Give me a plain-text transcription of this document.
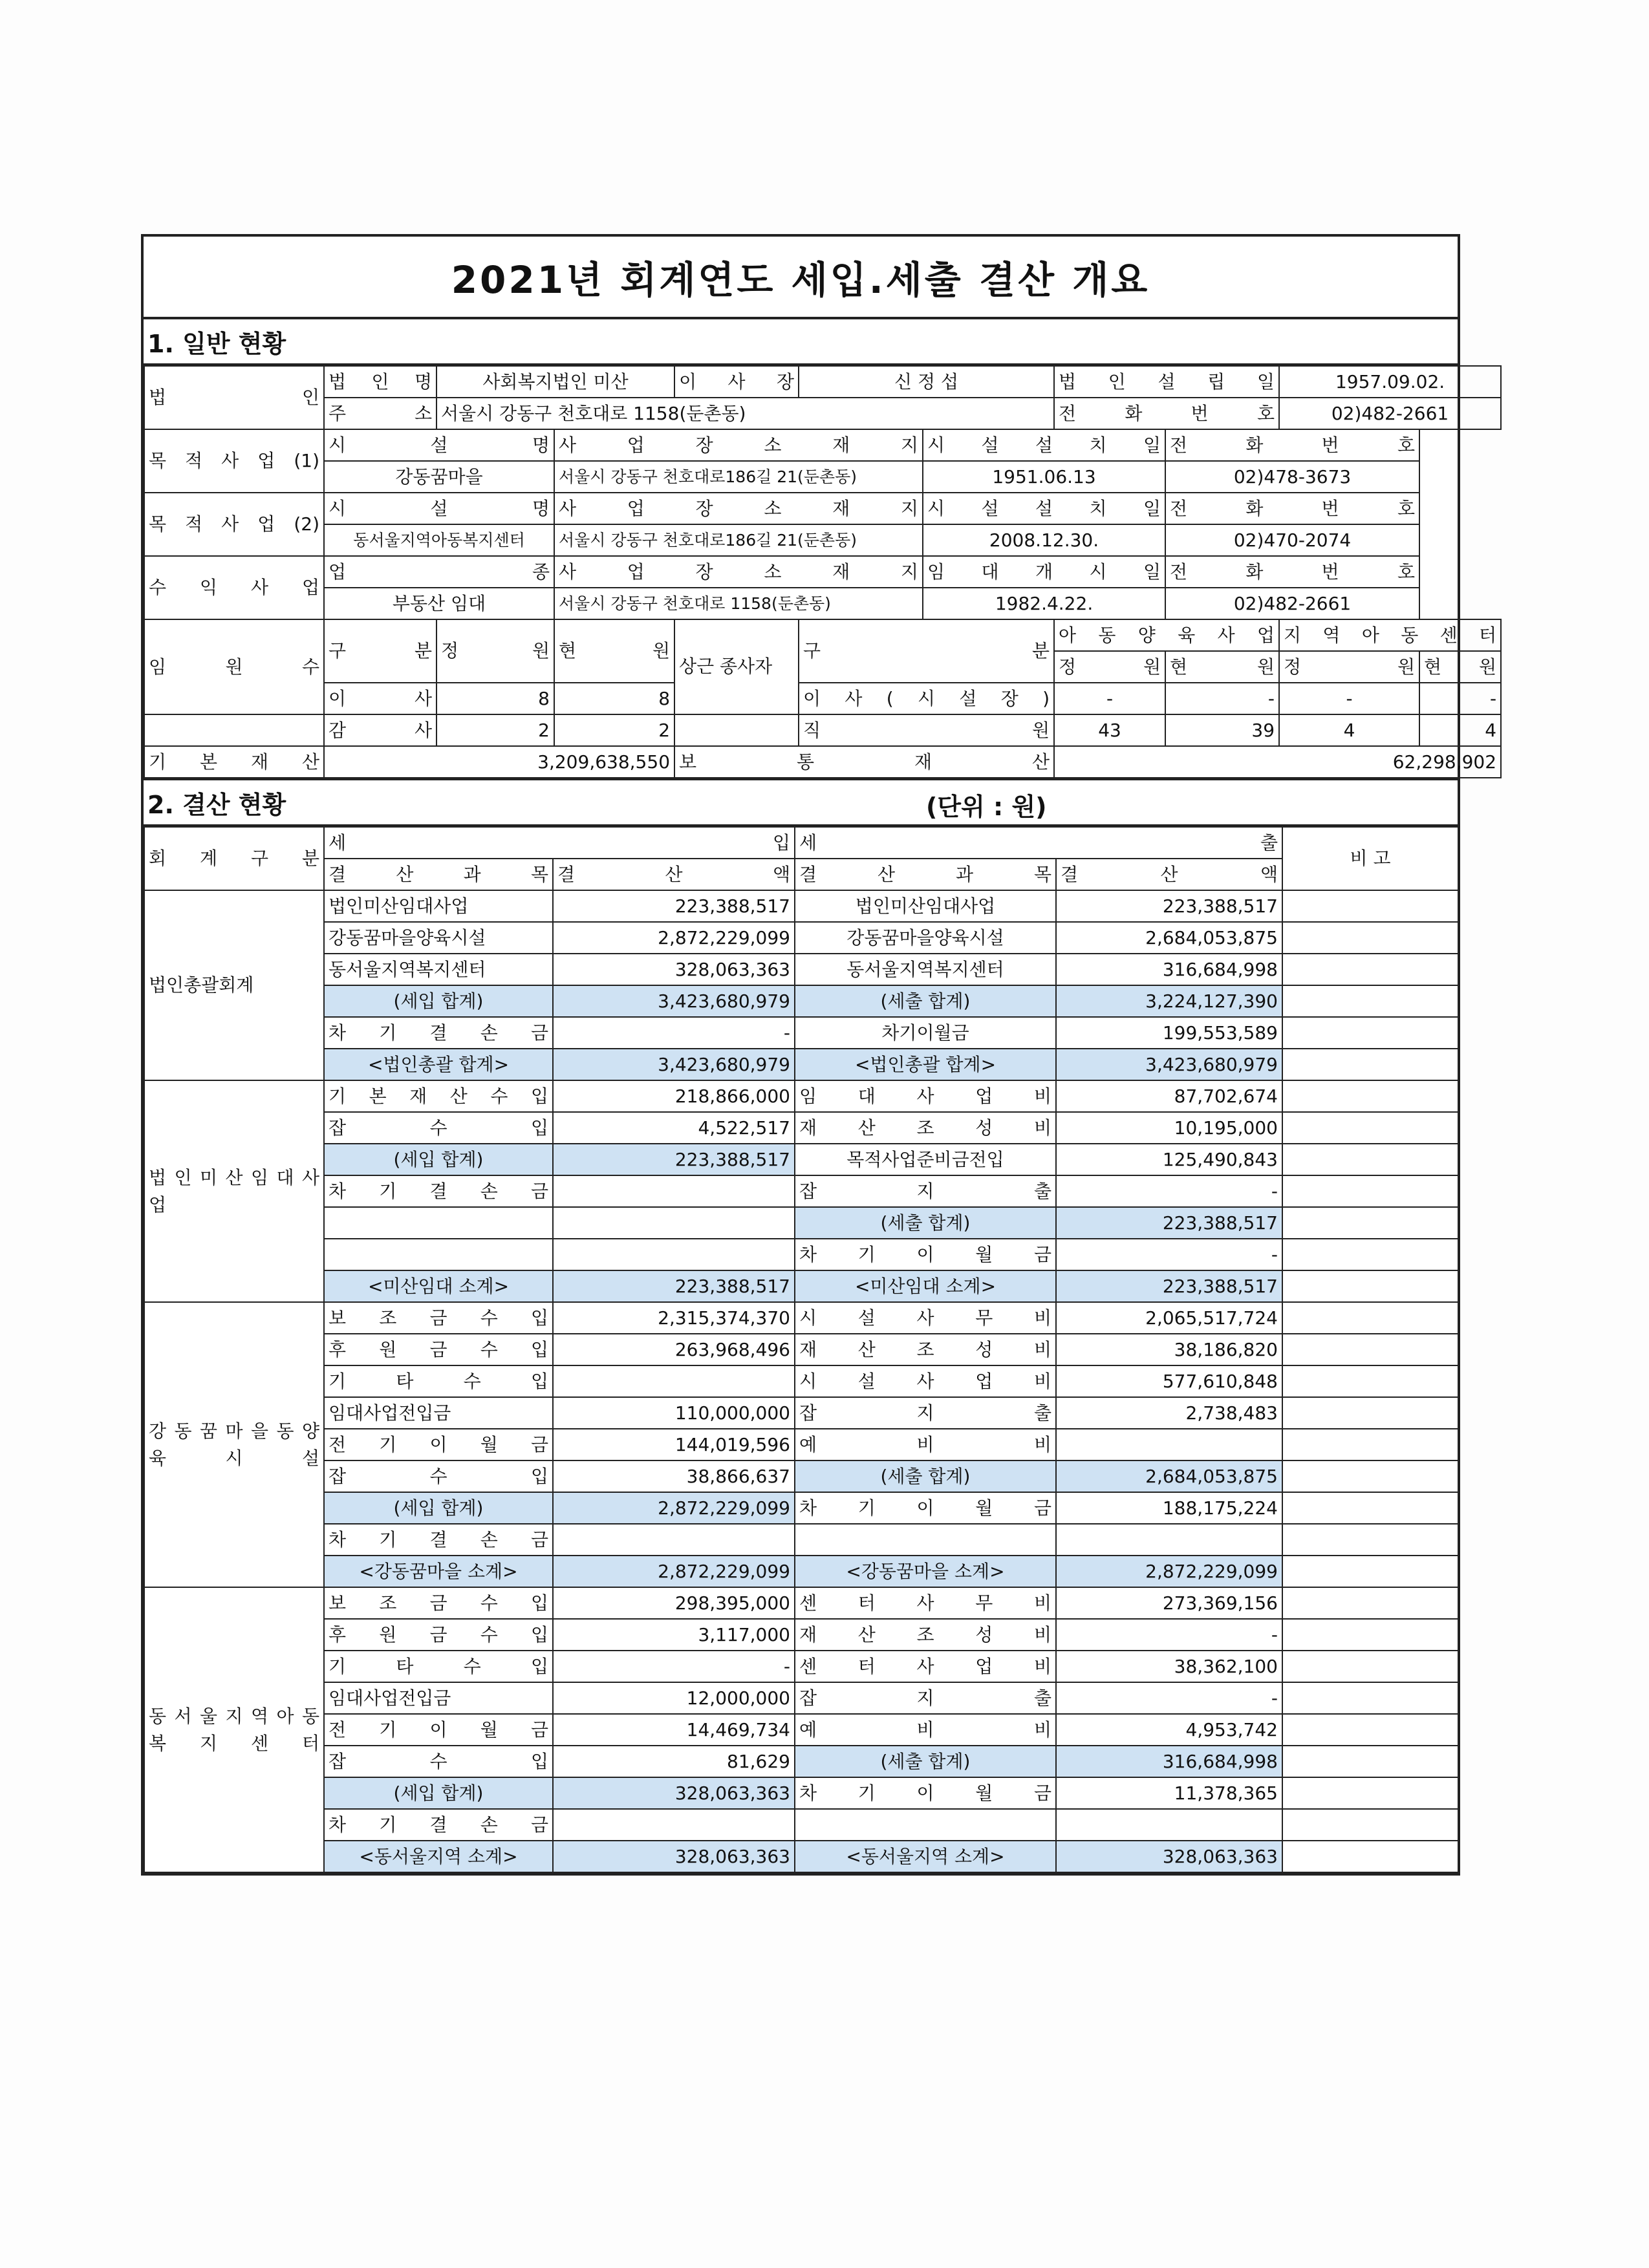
2021년 회계연도 세입.세출 결산 개요
1. 일반 현황
법 인	법 인 명	사회복지법인 미산		이 사 장	신 정 섭		법 인 설 립 일		1957.09.02.	
	주 소	서울시 강동구 천호대로 1158(둔촌동)					전 화 번 호		02)482-2661	
목 적 사 업 (1)	시 설 명		사 업 장 소 재 지			시 설 설 치 일		전 화 번 호		
	강동꿈마을		서울시 강동구 천호대로186길 21(둔촌동)			1951.06.13		02)478-3673		
목 적 사 업 (2)	시 설 명		사 업 장 소 재 지			시 설 설 치 일		전 화 번 호		
	동서울지역아동복지센터		서울시 강동구 천호대로186길 21(둔촌동)			2008.12.30.		02)470-2074		
수 익 사 업	업 종		사 업 장 소 재 지			임 대 개 시 일		전 화 번 호		
	부동산 임대		서울시 강동구 천호대로 1158(둔촌동)			1982.4.22.		02)482-2661		
임 원 수	구 분	정 원	현 원	상근 종사자	구 분		아 동 양 육 사 업		지 역 아 동 센 터	
							정 원	현 원	정 원	현 원
	이 사	8	8		이 사 ( 시 설 장 )		-	-	-	-
	감 사	2	2		직 원		43	39	4	4
기 본 재 산	3,209,638,550			보 통 재 산			62,298,902			
2. 결산 현황	(단위 : 원)
회 계 구 분	세 입		세 출		비 고
	결 산 과 목	결 산 액	결 산 과 목	결 산 액	
법인총괄회계	법인미산임대사업	223,388,517	법인미산임대사업	223,388,517	
	강동꿈마을양육시설	2,872,229,099	강동꿈마을양육시설	2,684,053,875	
	동서울지역복지센터	328,063,363	동서울지역복지센터	316,684,998	
	(세입 합계)	3,423,680,979	(세출 합계)	3,224,127,390	
	차 기 결 손 금	-	차기이월금	199,553,589	
	<법인총괄 합계>	3,423,680,979	<법인총괄 합계>	3,423,680,979	
법 인 미 산 임 대 사 업	기 본 재 산 수 입	218,866,000	임 대 사 업 비	87,702,674	
	잡 수 입	4,522,517	재 산 조 성 비	10,195,000	
	(세입 합계)	223,388,517	목적사업준비금전입	125,490,843	
	차 기 결 손 금		잡 지 출	-	
			(세출 합계)	223,388,517	
			차 기 이 월 금	-	
	<미산임대 소계>	223,388,517	<미산임대 소계>	223,388,517	
강 동 꿈 마 을 동 양 육 시 설	보 조 금 수 입	2,315,374,370	시 설 사 무 비	2,065,517,724	
	후 원 금 수 입	263,968,496	재 산 조 성 비	38,186,820	
	기 타 수 입		시 설 사 업 비	577,610,848	
	임대사업전입금	110,000,000	잡 지 출	2,738,483	
	전 기 이 월 금	144,019,596	예 비 비		
	잡 수 입	38,866,637	(세출 합계)	2,684,053,875	
	(세입 합계)	2,872,229,099	차 기 이 월 금	188,175,224	
	차 기 결 손 금				
	<강동꿈마을 소계>	2,872,229,099	<강동꿈마을 소계>	2,872,229,099	
동 서 울 지 역 아 동 복 지 센 터	보 조 금 수 입	298,395,000	센 터 사 무 비	273,369,156	
	후 원 금 수 입	3,117,000	재 산 조 성 비	-	
	기 타 수 입	-	센 터 사 업 비	38,362,100	
	임대사업전입금	12,000,000	잡 지 출	-	
	전 기 이 월 금	14,469,734	예 비 비	4,953,742	
	잡 수 입	81,629	(세출 합계)	316,684,998	
	(세입 합계)	328,063,363	차 기 이 월 금	11,378,365	
	차 기 결 손 금				
	<동서울지역 소계>	328,063,363	<동서울지역 소계>	328,063,363	
